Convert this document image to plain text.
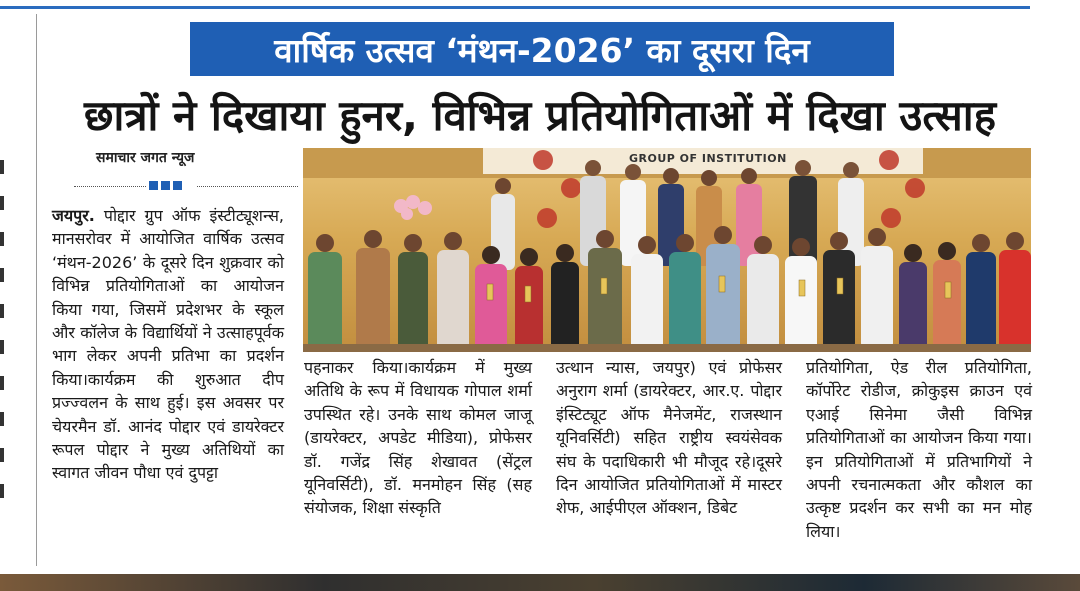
वार्षिक उत्सव ‘मंथन-2026’ का दूसरा दिन
छात्रों ने दिखाया हुनर, विभिन्न प्रतियोगिताओं में दिखा उत्साह
समाचार जगत न्यूज	GROUP OF INSTITUTION
जयपुर. पोद्दार ग्रुप ऑफ इंस्टीट्यूशन्स, मानसरोवर में आयोजित वार्षिक उत्सव ‘मंथन-2026’ के दूसरे दिन शुक्रवार को विभिन्न प्रतियोगिताओं का आयोजन किया गया, जिसमें प्रदेशभर के स्कूल और कॉलेज के विद्यार्थियों ने उत्साहपूर्वक भाग लेकर अपनी प्रतिभा का प्रदर्शन किया।कार्यक्रम की शुरुआत दीप प्रज्ज्वलन के साथ हुई। इस अवसर पर चेयरमैन डॉ. आनंद पोद्दार एवं डायरेक्टर रूपल पोद्दार ने मुख्य अतिथियों का स्वागत जीवन पौधा एवं दुपट्टा
पहनाकर किया।कार्यक्रम में मुख्य अतिथि के रूप में विधायक गोपाल शर्मा उपस्थित रहे। उनके साथ कोमल जाजू (डायरेक्टर, अपडेट मीडिया), प्रोफेसर डॉ. गजेंद्र सिंह शेखावत (सेंट्रल यूनिवर्सिटी), डॉ. मनमोहन सिंह (सह संयोजक, शिक्षा संस्कृति
उत्थान न्यास, जयपुर) एवं प्रोफेसर अनुराग शर्मा (डायरेक्टर, आर.ए. पोद्दार इंस्टिट्यूट ऑफ मैनेजमेंट, राजस्थान यूनिवर्सिटी) सहित राष्ट्रीय स्वयंसेवक संघ के पदाधिकारी भी मौजूद रहे।दूसरे दिन आयोजित प्रतियोगिताओं में मास्टर शेफ, आईपीएल ऑक्शन, डिबेट
प्रतियोगिता, ऐड रील प्रतियोगिता, कॉर्पोरेट रोडीज, क्रोकुइस क्राउन एवं एआई सिनेमा जैसी विभिन्न प्रतियोगिताओं का आयोजन किया गया। इन प्रतियोगिताओं में प्रतिभागियों ने अपनी रचनात्मकता और कौशल का उत्कृष्ट प्रदर्शन कर सभी का मन मोह लिया।
